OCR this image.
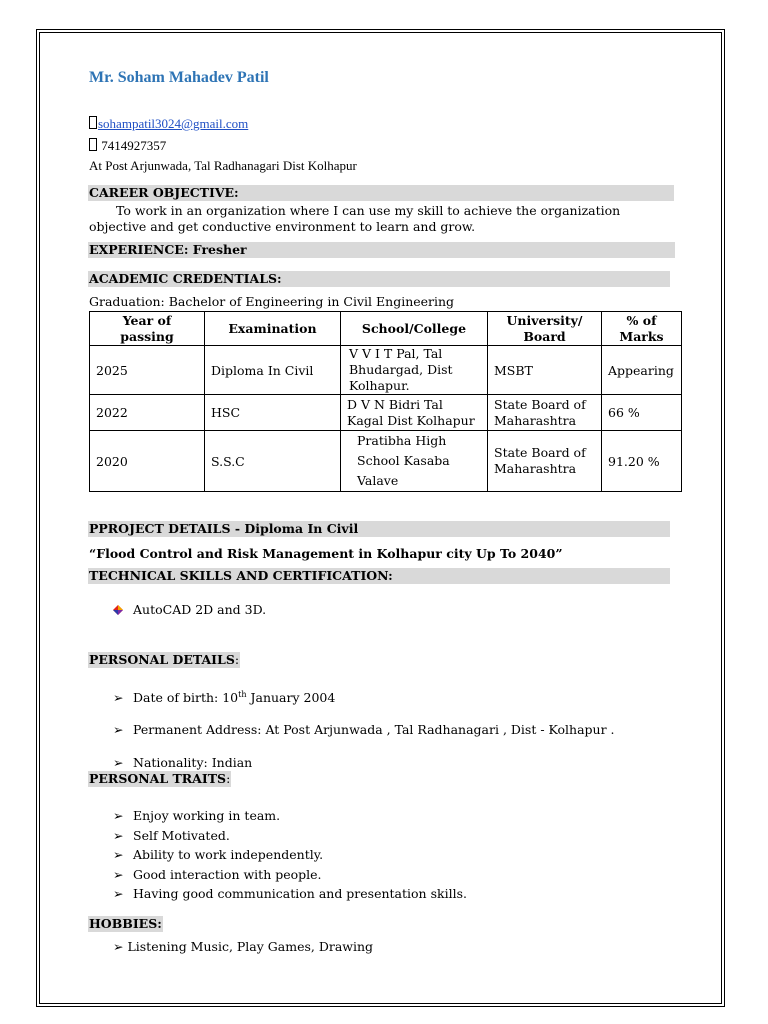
Mr. Soham Mahadev Patil
sohampatil3024@gmail.com
7414927357
At Post Arjunwada, Tal Radhanagari Dist Kolhapur
CAREER OBJECTIVE:
To work in an organization where I can use my skill to achieve the organization objective and get conductive environment to learn and grow.
EXPERIENCE: Fresher
ACADEMIC CREDENTIALS:
Graduation: Bachelor of Engineering in Civil Engineering
Year of passing	Examination	School/College	University/ Board	% of Marks
2025	Diploma In Civil	V V I T Pal, Tal Bhudargad, Dist Kolhapur.	MSBT	Appearing
2022	HSC	D V N Bidri Tal Kagal Dist Kolhapur	State Board of Maharashtra	66 %
2020	S.S.C	Pratibha High School Kasaba Valave	State Board of Maharashtra	91.20 %
PPROJECT DETAILS - Diploma In Civil
“Flood Control and Risk Management in Kolhapur city Up To 2040”
TECHNICAL SKILLS AND CERTIFICATION:
AutoCAD 2D and 3D.
PERSONAL DETAILS:
➢ Date of birth: 10th January 2004
➢ Permanent Address: At Post Arjunwada , Tal Radhanagari , Dist - Kolhapur .
➢ Nationality: Indian
PERSONAL TRAITS:
➢ Enjoy working in team.
➢ Self Motivated.
➢ Ability to work independently.
➢ Good interaction with people.
➢ Having good communication and presentation skills.
HOBBIES:
➢ Listening Music, Play Games, Drawing
